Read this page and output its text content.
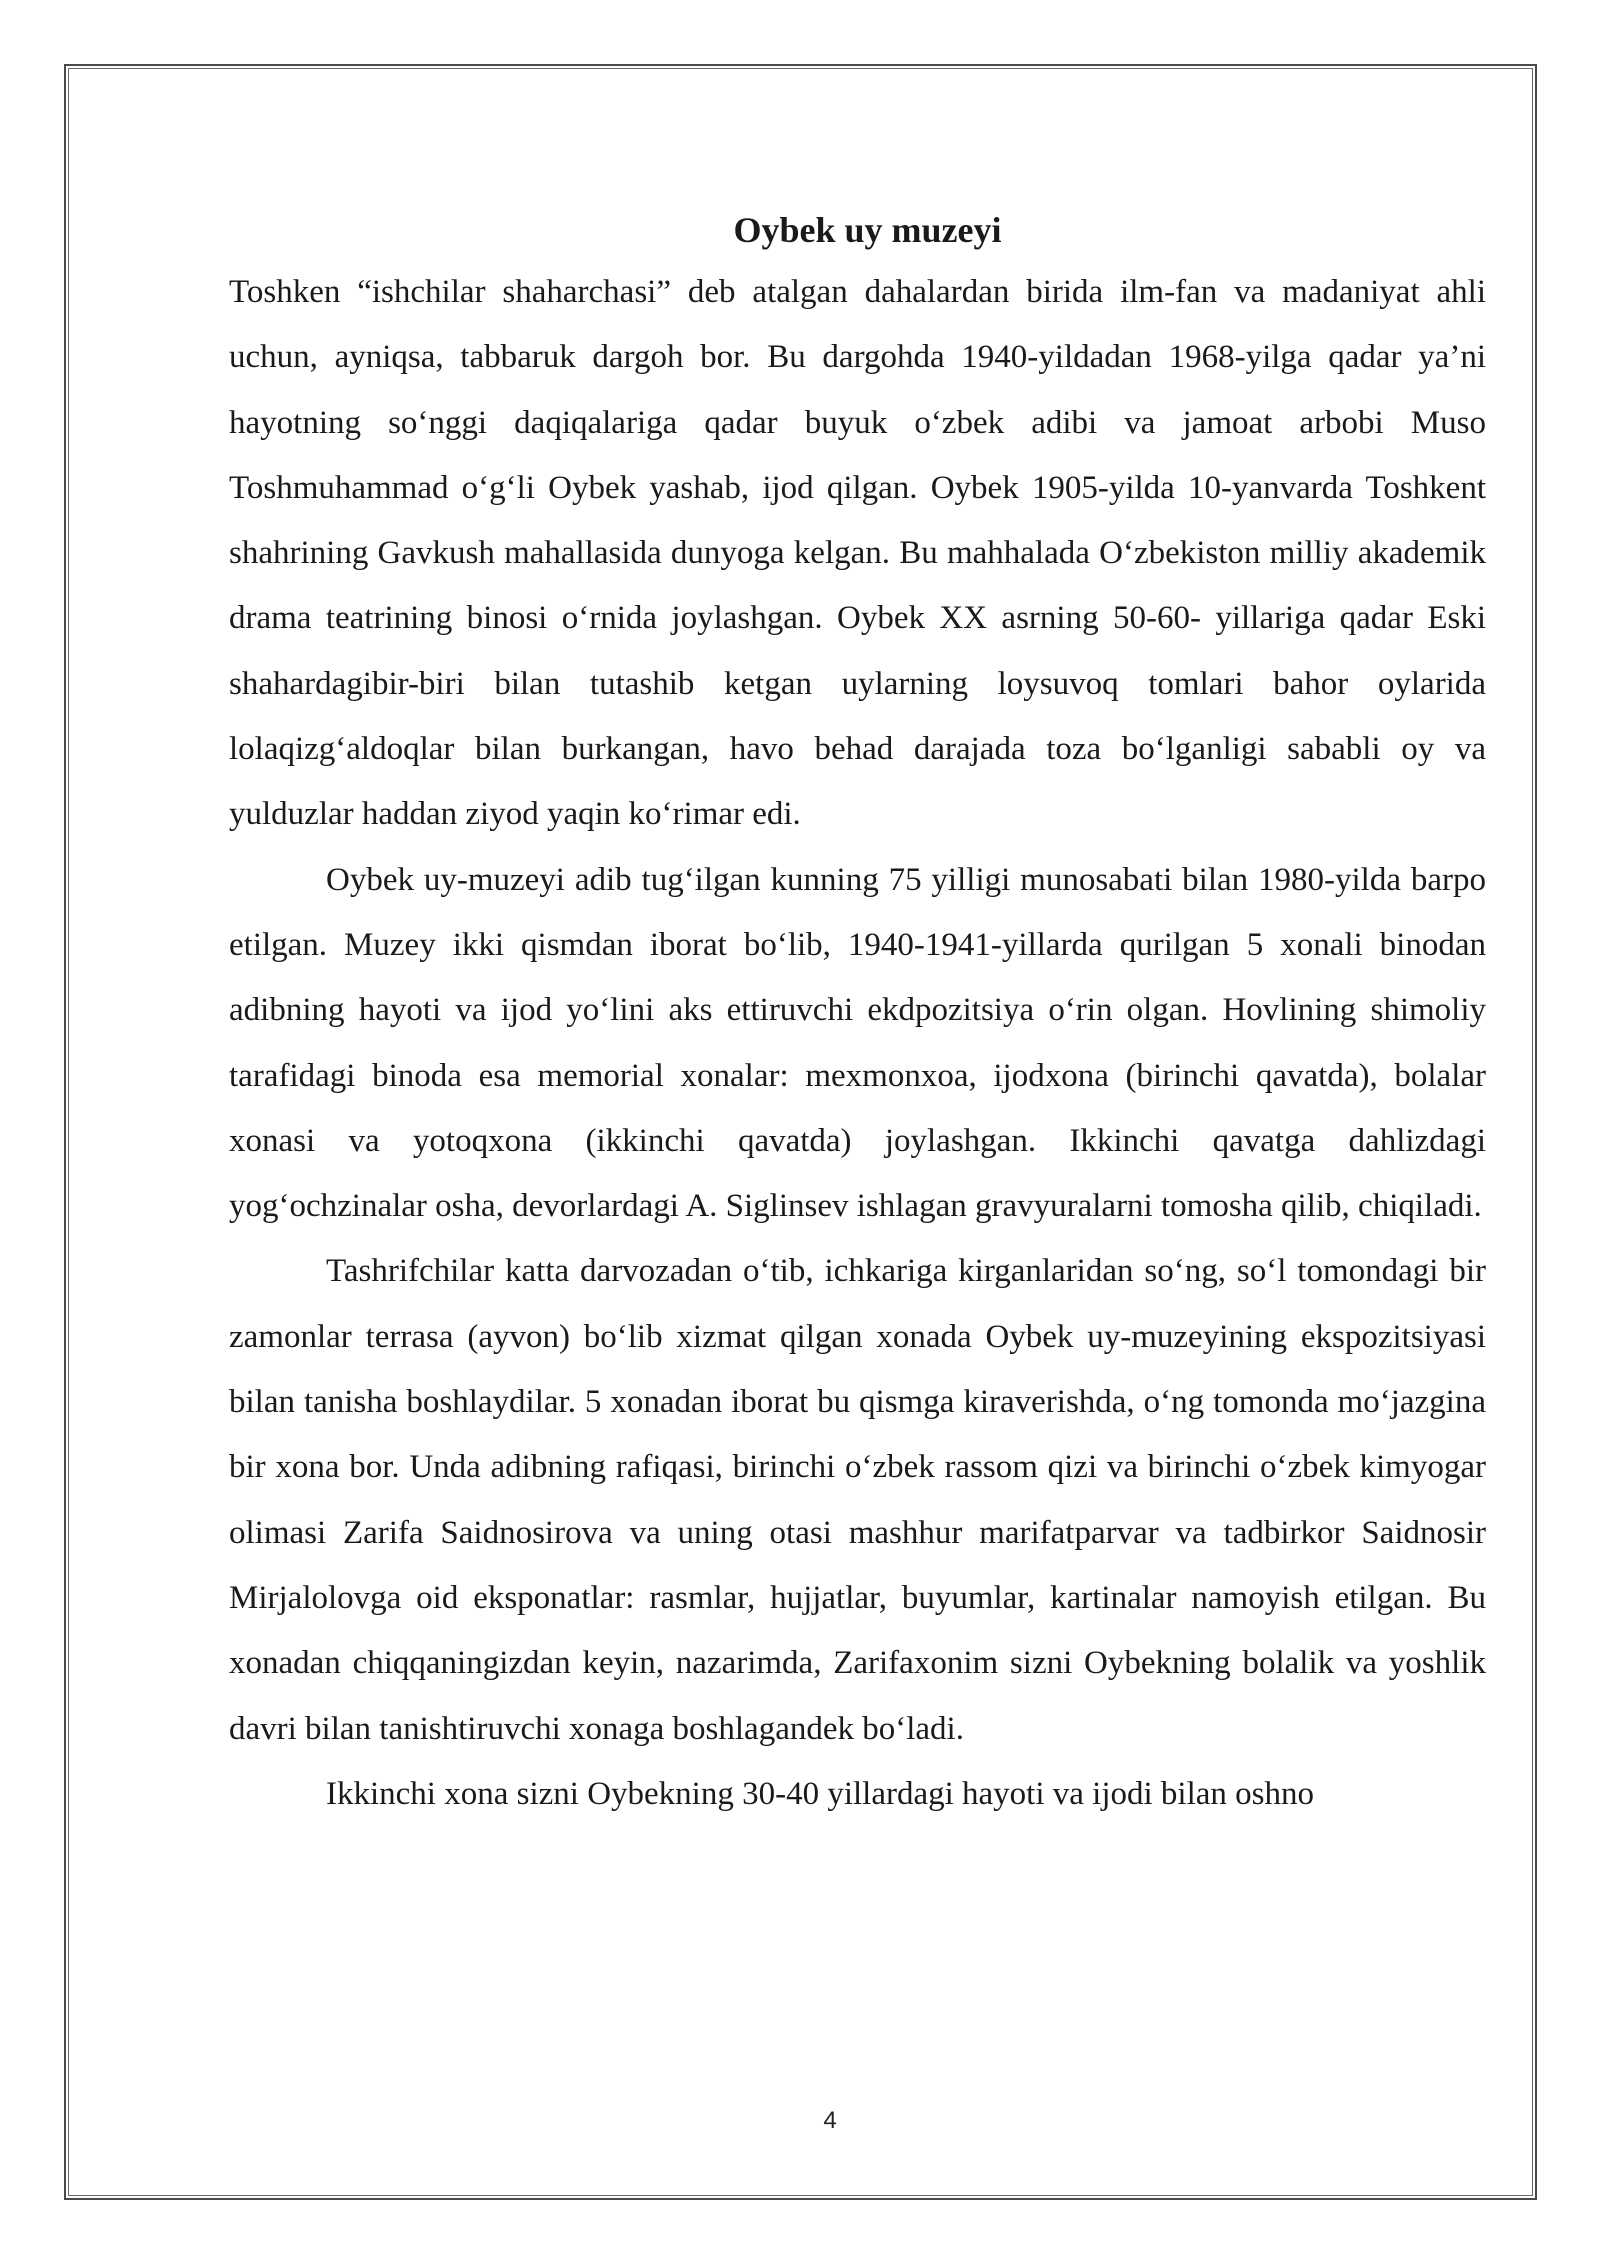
Oybek uy muzeyi

Toshken “ishchilar shaharchasi” deb atalgan dahalardan birida ilm-fan va madaniyat ahli uchun, ayniqsa, tabbaruk dargoh bor. Bu dargohda 1940-yildadan 1968-yilga qadar ya’ni hayotning so‘nggi daqiqalariga qadar buyuk o‘zbek adibi va jamoat arbobi Muso Toshmuhammad o‘g‘li Oybek yashab, ijod qilgan. Oybek 1905-yilda 10-yanvarda Toshkent shahrining Gavkush mahallasida dunyoga kelgan. Bu mahhalada O‘zbekiston milliy akademik drama teatrining binosi o‘rnida joylashgan. Oybek XX asrning 50-60- yillariga qadar Eski shahardagibir-biri bilan tutashib ketgan uylarning loysuvoq tomlari bahor oylarida lolaqizg‘aldoqlar bilan burkangan, havo behad darajada toza bo‘lganligi sababli oy va yulduzlar haddan ziyod yaqin ko‘rimar edi.

Oybek uy-muzeyi adib tug‘ilgan kunning 75 yilligi munosabati bilan 1980-yilda barpo etilgan. Muzey ikki qismdan iborat bo‘lib, 1940-1941-yillarda qurilgan 5 xonali binodan adibning hayoti va ijod yo‘lini aks ettiruvchi ekdpozitsiya o‘rin olgan. Hovlining shimoliy tarafidagi binoda esa memorial xonalar: mexmonxoa, ijodxona (birinchi qavatda), bolalar xonasi va yotoqxona (ikkinchi qavatda) joylashgan. Ikkinchi qavatga dahlizdagi yog‘ochzinalar osha, devorlardagi A. Siglinsev ishlagan gravyuralarni tomosha qilib, chiqiladi.

Tashrifchilar katta darvozadan o‘tib, ichkariga kirganlaridan so‘ng, so‘l tomondagi bir zamonlar terrasa (ayvon) bo‘lib xizmat qilgan xonada Oybek uy-muzeyining ekspozitsiyasi bilan tanisha boshlaydilar. 5 xonadan iborat bu qismga kiraverishda, o‘ng tomonda mo‘jazgina bir xona bor. Unda adibning rafiqasi, birinchi o‘zbek rassom qizi va birinchi o‘zbek kimyogar olimasi Zarifa Saidnosirova va uning otasi mashhur marifatparvar va tadbirkor Saidnosir Mirjalolovga oid eksponatlar: rasmlar, hujjatlar, buyumlar, kartinalar namoyish etilgan. Bu xonadan chiqqaningizdan keyin, nazarimda, Zarifaxonim sizni Oybekning bolalik va yoshlik davri bilan tanishtiruvchi xonaga boshlagandek bo‘ladi.

Ikkinchi xona sizni Oybekning 30-40 yillardagi hayoti va ijodi bilan oshno

4
